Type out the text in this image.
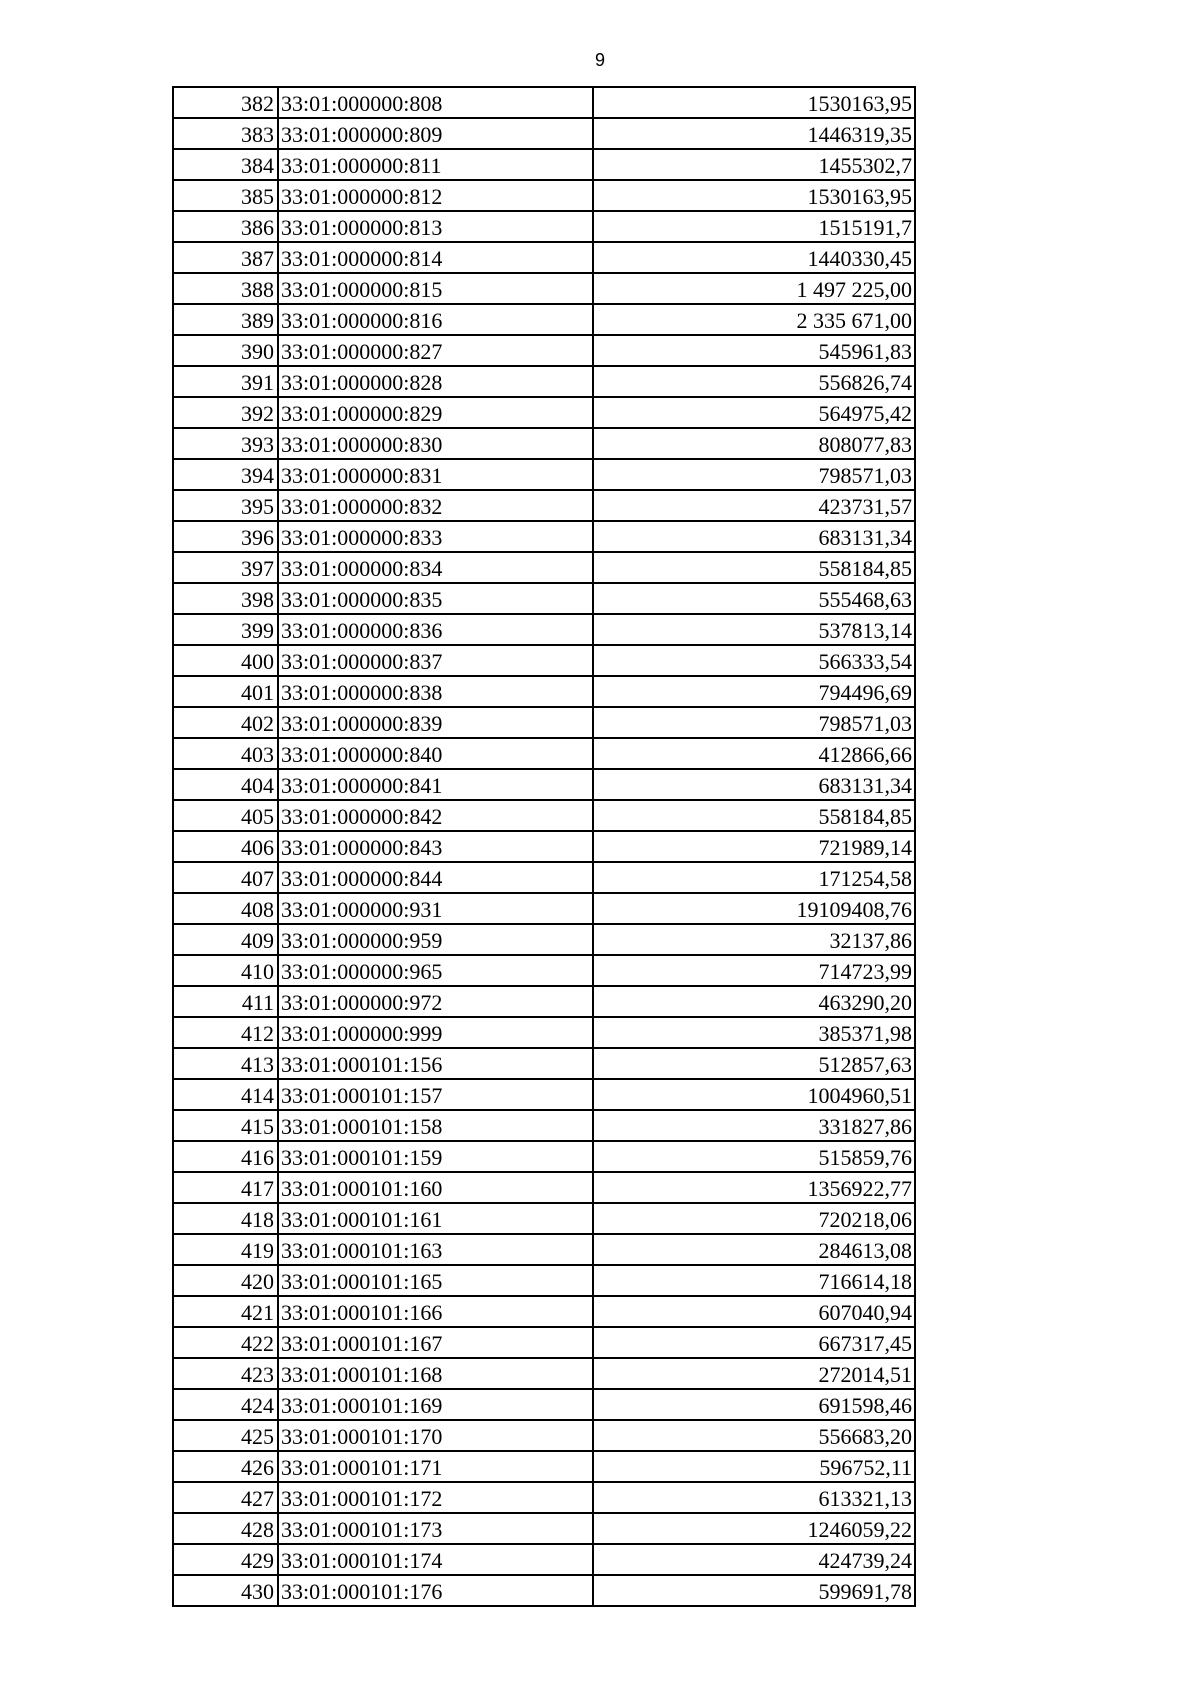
9
382	33:01:000000:808	1530163,95
383	33:01:000000:809	1446319,35
384	33:01:000000:811	1455302,7
385	33:01:000000:812	1530163,95
386	33:01:000000:813	1515191,7
387	33:01:000000:814	1440330,45
388	33:01:000000:815	1 497 225,00
389	33:01:000000:816	2 335 671,00
390	33:01:000000:827	545961,83
391	33:01:000000:828	556826,74
392	33:01:000000:829	564975,42
393	33:01:000000:830	808077,83
394	33:01:000000:831	798571,03
395	33:01:000000:832	423731,57
396	33:01:000000:833	683131,34
397	33:01:000000:834	558184,85
398	33:01:000000:835	555468,63
399	33:01:000000:836	537813,14
400	33:01:000000:837	566333,54
401	33:01:000000:838	794496,69
402	33:01:000000:839	798571,03
403	33:01:000000:840	412866,66
404	33:01:000000:841	683131,34
405	33:01:000000:842	558184,85
406	33:01:000000:843	721989,14
407	33:01:000000:844	171254,58
408	33:01:000000:931	19109408,76
409	33:01:000000:959	32137,86
410	33:01:000000:965	714723,99
411	33:01:000000:972	463290,20
412	33:01:000000:999	385371,98
413	33:01:000101:156	512857,63
414	33:01:000101:157	1004960,51
415	33:01:000101:158	331827,86
416	33:01:000101:159	515859,76
417	33:01:000101:160	1356922,77
418	33:01:000101:161	720218,06
419	33:01:000101:163	284613,08
420	33:01:000101:165	716614,18
421	33:01:000101:166	607040,94
422	33:01:000101:167	667317,45
423	33:01:000101:168	272014,51
424	33:01:000101:169	691598,46
425	33:01:000101:170	556683,20
426	33:01:000101:171	596752,11
427	33:01:000101:172	613321,13
428	33:01:000101:173	1246059,22
429	33:01:000101:174	424739,24
430	33:01:000101:176	599691,78
